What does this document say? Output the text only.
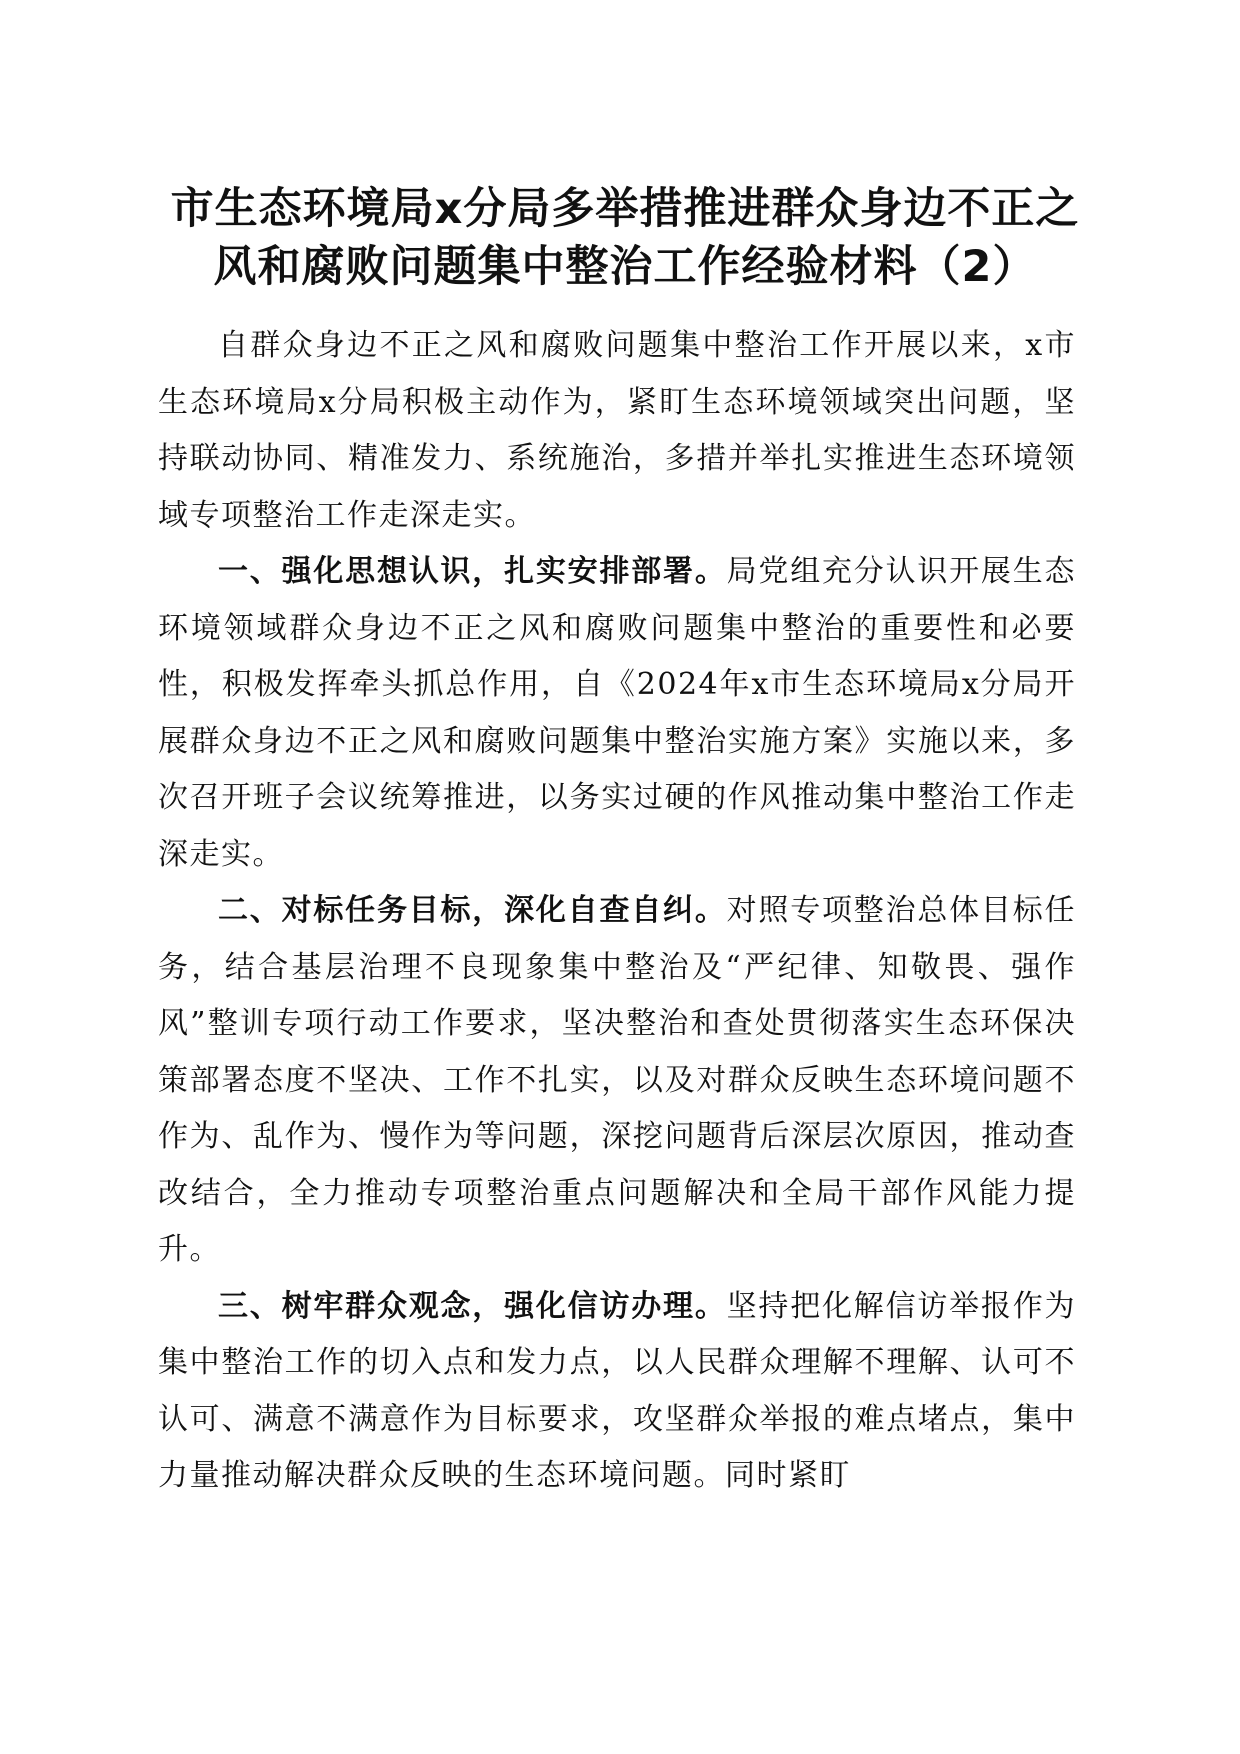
市生态环境局x分局多举措推进群众身边不正之风和腐败问题集中整治工作经验材料（2）

自群众身边不正之风和腐败问题集中整治工作开展以来，x市生态环境局x分局积极主动作为，紧盯生态环境领域突出问题，坚持联动协同、精准发力、系统施治，多措并举扎实推进生态环境领域专项整治工作走深走实。

一、强化思想认识，扎实安排部署。局党组充分认识开展生态环境领域群众身边不正之风和腐败问题集中整治的重要性和必要性，积极发挥牵头抓总作用，自《2024年x市生态环境局x分局开展群众身边不正之风和腐败问题集中整治实施方案》实施以来，多次召开班子会议统筹推进，以务实过硬的作风推动集中整治工作走深走实。

二、对标任务目标，深化自查自纠。对照专项整治总体目标任务，结合基层治理不良现象集中整治及“严纪律、知敬畏、强作风”整训专项行动工作要求，坚决整治和查处贯彻落实生态环保决策部署态度不坚决、工作不扎实，以及对群众反映生态环境问题不作为、乱作为、慢作为等问题，深挖问题背后深层次原因，推动查改结合，全力推动专项整治重点问题解决和全局干部作风能力提升。

三、树牢群众观念，强化信访办理。坚持把化解信访举报作为集中整治工作的切入点和发力点，以人民群众理解不理解、认可不认可、满意不满意作为目标要求，攻坚群众举报的难点堵点，集中力量推动解决群众反映的生态环境问题。同时紧盯
